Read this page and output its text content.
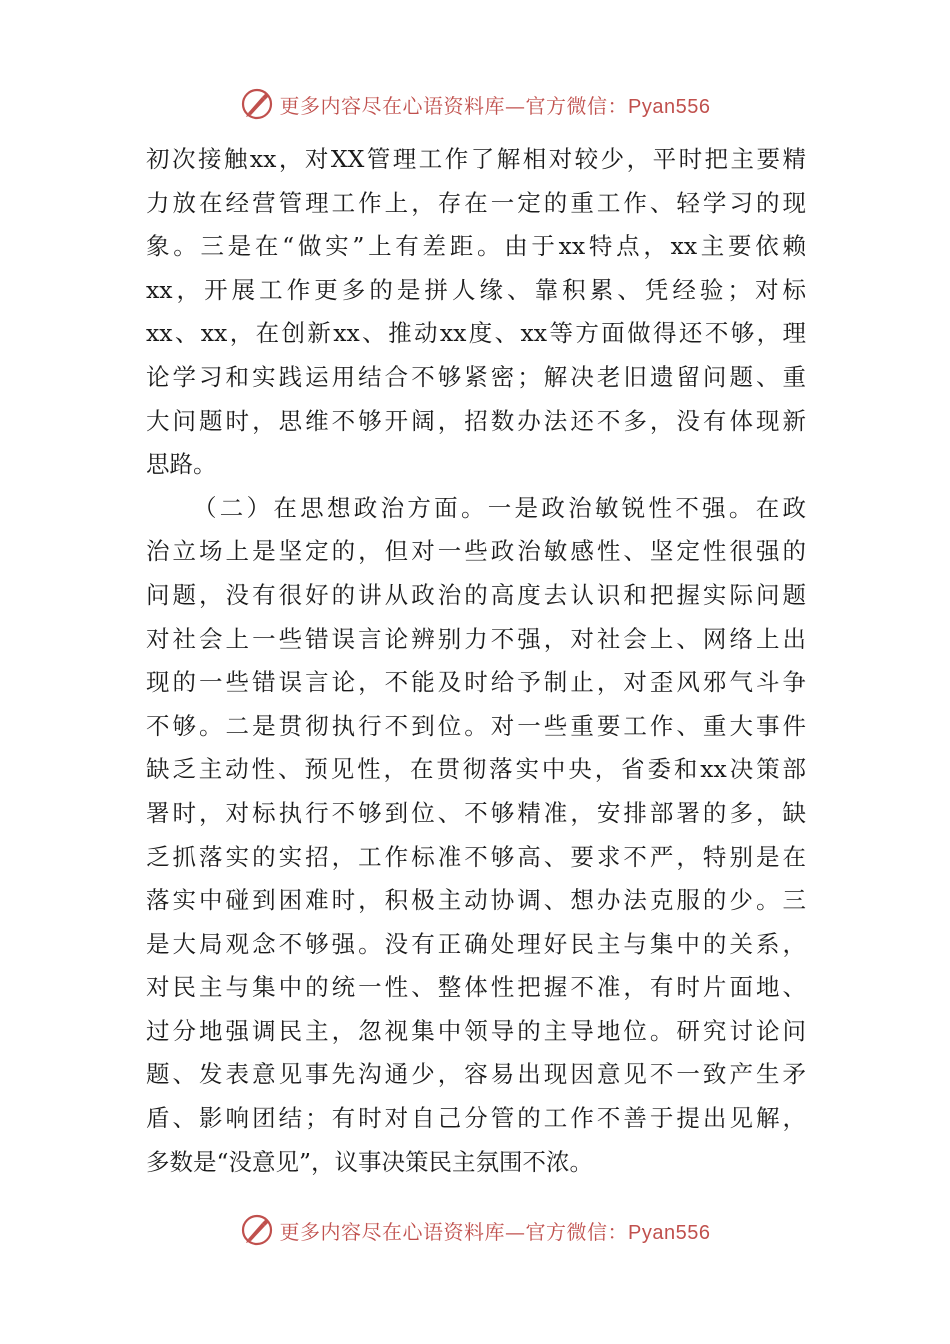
更多内容尽在心语资料库—官方微信：Pyan556
初次接触xx，对XX管理工作了解相对较少，平时把主要精
力放在经营管理工作上，存在一定的重工作、轻学习的现
象。三是在“做实”上有差距。由于xx特点，xx主要依赖
xx，开展工作更多的是拼人缘、靠积累、凭经验；对标
xx、xx，在创新xx、推动xx度、xx等方面做得还不够，理
论学习和实践运用结合不够紧密；解决老旧遗留问题、重
大问题时，思维不够开阔，招数办法还不多，没有体现新
思路。
（二）在思想政治方面。一是政治敏锐性不强。在政
治立场上是坚定的，但对一些政治敏感性、坚定性很强的
问题，没有很好的讲从政治的高度去认识和把握实际问题
对社会上一些错误言论辨别力不强，对社会上、网络上出
现的一些错误言论，不能及时给予制止，对歪风邪气斗争
不够。二是贯彻执行不到位。对一些重要工作、重大事件
缺乏主动性、预见性，在贯彻落实中央，省委和xx决策部
署时，对标执行不够到位、不够精准，安排部署的多，缺
乏抓落实的实招，工作标准不够高、要求不严，特别是在
落实中碰到困难时，积极主动协调、想办法克服的少。三
是大局观念不够强。没有正确处理好民主与集中的关系，
对民主与集中的统一性、整体性把握不准，有时片面地、
过分地强调民主，忽视集中领导的主导地位。研究讨论问
题、发表意见事先沟通少，容易出现因意见不一致产生矛
盾、影响团结；有时对自己分管的工作不善于提出见解，
多数是“没意见”，议事决策民主氛围不浓。
更多内容尽在心语资料库—官方微信：Pyan556
